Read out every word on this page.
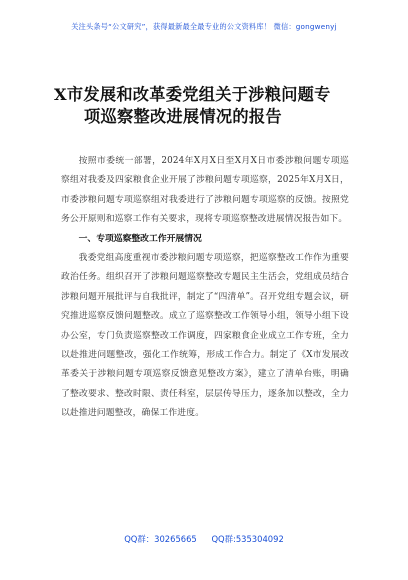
关注头条号“公文研究”，获得最新最全最专业的公文资料库！ 微信：gongwenyj
X市发展和改革委党组关于涉粮问题专
项巡察整改进展情况的报告

按照市委统一部署，2024年X月X日至X月X日市委涉粮问题专项巡察组对我委及四家粮食企业开展了涉粮问题专项巡察，2025年X月X日，市委涉粮问题专项巡察组对我委进行了涉粮问题专项巡察的反馈。按照党务公开原则和巡察工作有关要求，现将专项巡察整改进展情况报告如下。

一、专项巡察整改工作开展情况

我委党组高度重视市委涉粮问题专项巡察，把巡察整改工作作为重要政治任务。组织召开了涉粮问题巡察整改专题民主生活会，党组成员结合涉粮问题开展批评与自我批评，制定了“四清单”。召开党组专题会议，研究推进巡察反馈问题整改。成立了巡察整改工作领导小组，领导小组下设办公室，专门负责巡察整改工作调度，四家粮食企业成立工作专班，全力以赴推进问题整改，强化工作统筹，形成工作合力。制定了《X市发展改革委关于涉粮问题专项巡察反馈意见整改方案》，建立了清单台账，明确了整改要求、整改时限、责任科室，层层传导压力，逐条加以整改，全力以赴推进问题整改，确保工作进度。

QQ群：30265665 QQ群:535304092
